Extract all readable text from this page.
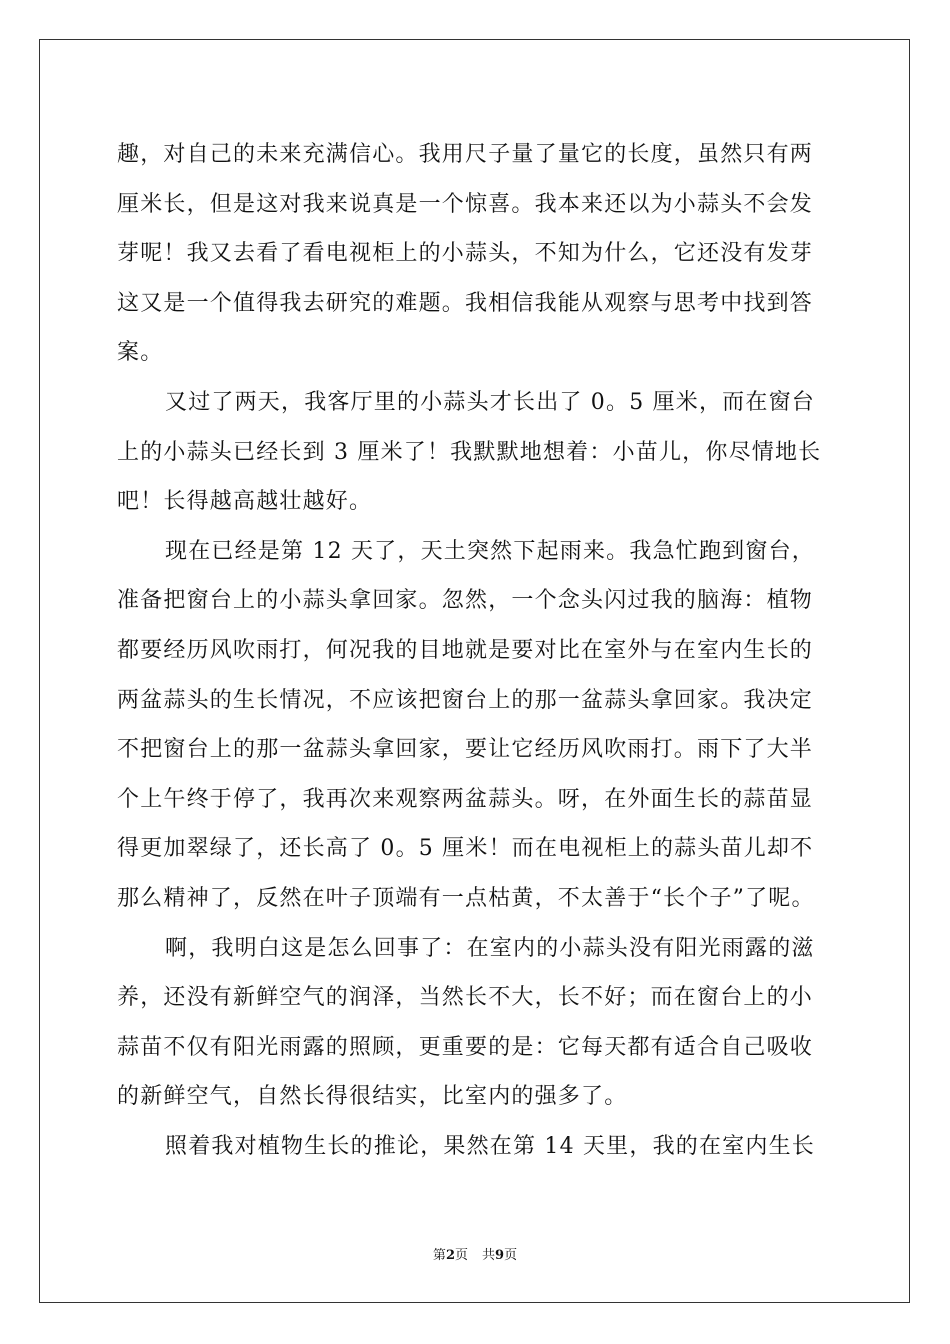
趣，对自己的未来充满信心。我用尺子量了量它的长度，虽然只有两
厘米长，但是这对我来说真是一个惊喜。我本来还以为小蒜头不会发
芽呢！我又去看了看电视柜上的小蒜头，不知为什么，它还没有发芽
这又是一个值得我去研究的难题。我相信我能从观察与思考中找到答
案。
又过了两天，我客厅里的小蒜头才长出了 0。5 厘米，而在窗台
上的小蒜头已经长到 3 厘米了！我默默地想着：小苗儿，你尽情地长
吧！长得越高越壮越好。
现在已经是第 12 天了，天土突然下起雨来。我急忙跑到窗台，
准备把窗台上的小蒜头拿回家。忽然，一个念头闪过我的脑海：植物
都要经历风吹雨打，何况我的目地就是要对比在室外与在室内生长的
两盆蒜头的生长情况，不应该把窗台上的那一盆蒜头拿回家。我决定
不把窗台上的那一盆蒜头拿回家，要让它经历风吹雨打。雨下了大半
个上午终于停了，我再次来观察两盆蒜头。呀，在外面生长的蒜苗显
得更加翠绿了，还长高了 0。5 厘米！而在电视柜上的蒜头苗儿却不
那么精神了，反然在叶子顶端有一点枯黄，不太善于“长个子”了呢。
啊，我明白这是怎么回事了：在室内的小蒜头没有阳光雨露的滋
养，还没有新鲜空气的润泽，当然长不大，长不好；而在窗台上的小
蒜苗不仅有阳光雨露的照顾，更重要的是：它每天都有适合自己吸收
的新鲜空气，自然长得很结实，比室内的强多了。
照着我对植物生长的推论，果然在第 14 天里，我的在室内生长
第2页 共9页
